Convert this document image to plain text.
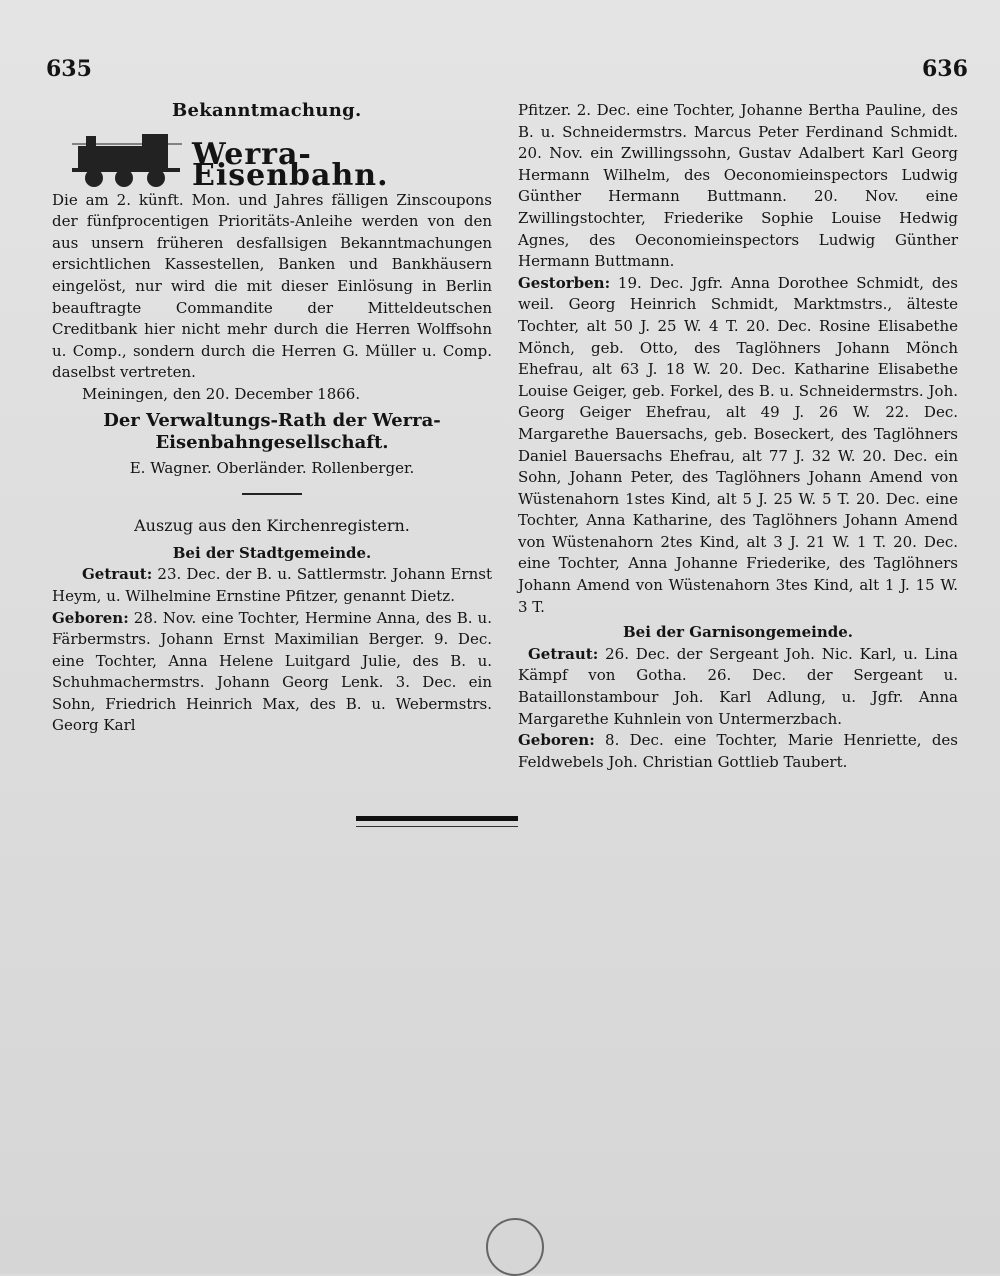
635	636

Bekanntmachung.

Werra-Eisenbahn.

Die am 2. künft. Mon. und Jahres fälligen Zinscoupons der fünfprocentigen Prioritäts-Anleihe werden von den aus unsern früheren desfallsigen Bekanntmachungen ersichtlichen Kassestellen, Banken und Bankhäusern eingelöst, nur wird die mit dieser Einlösung in Berlin beauftragte Commandite der Mitteldeutschen Creditbank hier nicht mehr durch die Herren Wolffsohn u. Comp., sondern durch die Herren G. Müller u. Comp. daselbst vertreten.

Meiningen, den 20. December 1866.

Der Verwaltungs-Rath der Werra-Eisenbahngesellschaft.

E. Wagner. Oberländer. Rollenberger.

Auszug aus den Kirchenregistern.

Bei der Stadtgemeinde.

Getraut: 23. Dec. der B. u. Sattlermstr. Johann Ernst Heym, u. Wilhelmine Ernstine Pfitzer, genannt Dietz.

Geboren: 28. Nov. eine Tochter, Hermine Anna, des B. u. Färbermstrs. Johann Ernst Maximilian Berger. 9. Dec. eine Tochter, Anna Helene Luitgard Julie, des B. u. Schuhmachermstrs. Johann Georg Lenk. 3. Dec. ein Sohn, Friedrich Heinrich Max, des B. u. Webermstrs. Georg Karl

Pfitzer. 2. Dec. eine Tochter, Johanne Bertha Pauline, des B. u. Schneidermstrs. Marcus Peter Ferdinand Schmidt. 20. Nov. ein Zwillingssohn, Gustav Adalbert Karl Georg Hermann Wilhelm, des Oeconomieinspectors Ludwig Günther Hermann Buttmann. 20. Nov. eine Zwillingstochter, Friederike Sophie Louise Hedwig Agnes, des Oeconomieinspectors Ludwig Günther Hermann Buttmann.

Gestorben: 19. Dec. Jgfr. Anna Dorothee Schmidt, des weil. Georg Heinrich Schmidt, Marktmstrs., älteste Tochter, alt 50 J. 25 W. 4 T. 20. Dec. Rosine Elisabethe Mönch, geb. Otto, des Taglöhners Johann Mönch Ehefrau, alt 63 J. 18 W. 20. Dec. Katharine Elisabethe Louise Geiger, geb. Forkel, des B. u. Schneidermstrs. Joh. Georg Geiger Ehefrau, alt 49 J. 26 W. 22. Dec. Margarethe Bauersachs, geb. Boseckert, des Taglöhners Daniel Bauersachs Ehefrau, alt 77 J. 32 W. 20. Dec. ein Sohn, Johann Peter, des Taglöhners Johann Amend von Wüstenahorn 1stes Kind, alt 5 J. 25 W. 5 T. 20. Dec. eine Tochter, Anna Katharine, des Taglöhners Johann Amend von Wüstenahorn 2tes Kind, alt 3 J. 21 W. 1 T. 20. Dec. eine Tochter, Anna Johanne Friederike, des Taglöhners Johann Amend von Wüstenahorn 3tes Kind, alt 1 J. 15 W. 3 T.

Bei der Garnisongemeinde.

Getraut: 26. Dec. der Sergeant Joh. Nic. Karl, u. Lina Kämpf von Gotha. 26. Dec. der Sergeant u. Bataillonstambour Joh. Karl Adlung, u. Jgfr. Anna Margarethe Kuhnlein von Untermerzbach.

Geboren: 8. Dec. eine Tochter, Marie Henriette, des Feldwebels Joh. Christian Gottlieb Taubert.
